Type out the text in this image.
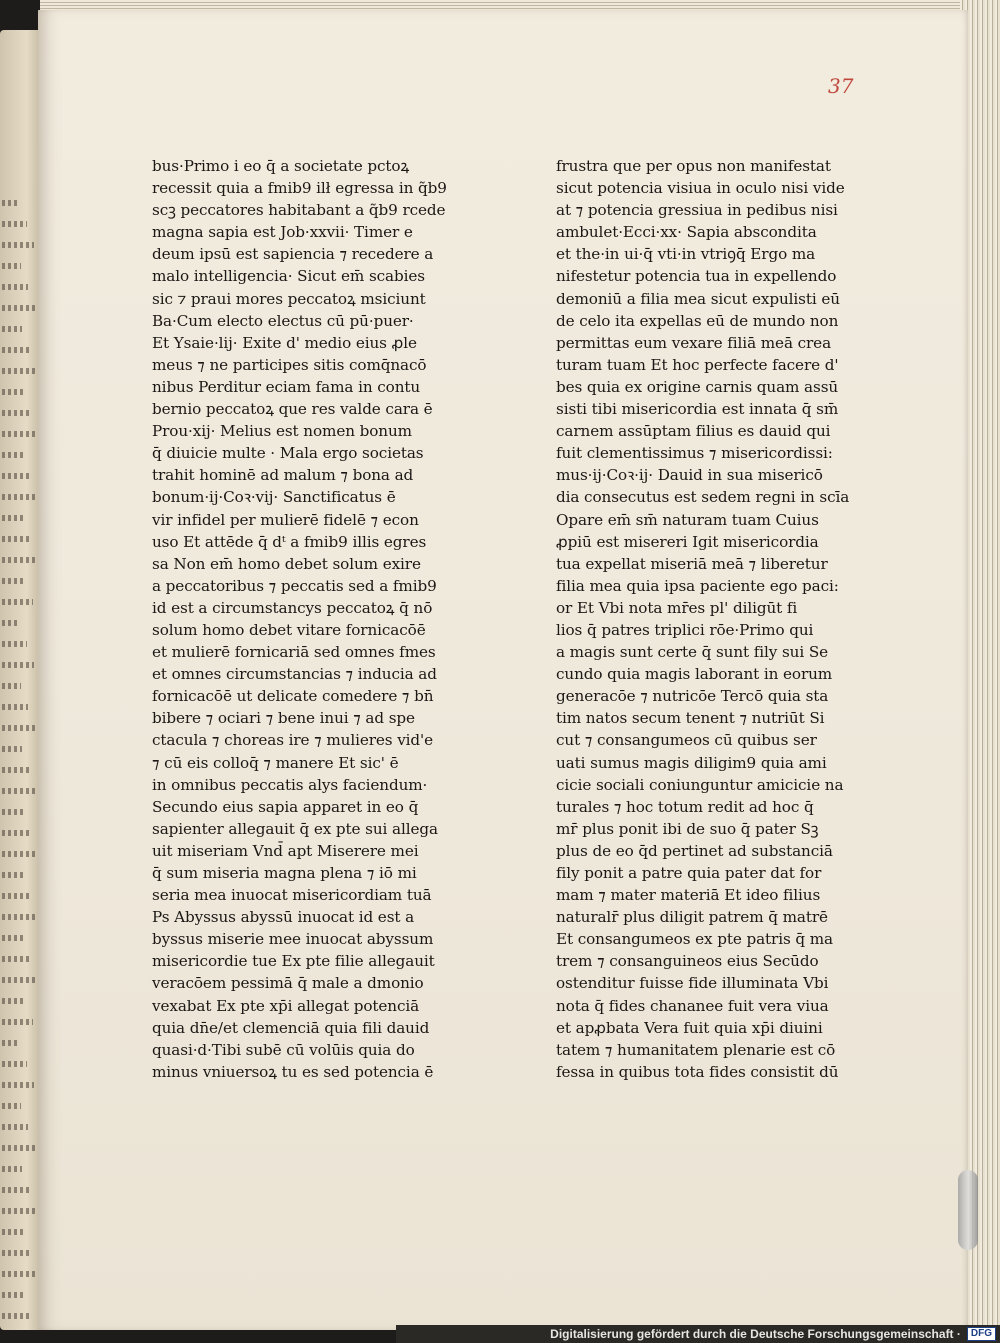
37
bus·Primo i eo q̄ a societate pctoꝝ
recessit quia a fmib9 ilł egressa in q̃b9
scꝫ peccatores habitabant a q̃b9 rcede
magna sapia est Job·xxvii· Timer e
deum ipsū est sapiencia ⁊ recedere a
malo intelligencia· Sicut em̄ scabies
sic ⁊ praui mores peccatoꝝ msiciunt
Ba·Cum electo electus cū pū·puer·
Et Ysaie·lij· Exite d' medio eius ꝓle
meus ⁊ ne participes sitis comq̄nacō
nibus Perditur eciam fama in contu
bernio peccatoꝝ que res valde cara ē
Prou·xij· Melius est nomen bonum
q̄ diuicie multe · Mala ergo societas
trahit hominē ad malum ⁊ bona ad
bonum·ij·Coꝛ·vij· Sanctificatus ē
vir infidel per mulierē fidelē ⁊ econ
uso Et attēde q̄ dᵗ a fmib9 illis egres
sa Non em̄ homo debet solum exire
a peccatoribus ⁊ peccatis sed a fmib9
id est a circumstancys peccatoꝝ q̄ nō
solum homo debet vitare fornicacōē
et mulierē fornicariā sed omnes fmes
et omnes circumstancias ⁊ inducia ad
fornicacōē ut delicate comedere ⁊ bn̄
bibere ⁊ ociari ⁊ bene inui ⁊ ad spe
ctacula ⁊ choreas ire ⁊ mulieres vid'e
⁊ cū eis colloq̄ ⁊ manere Et sic' ē
in omnibus peccatis alys faciendum·
Secundo eius sapia apparet in eo q̄
sapienter allegauit q̄ ex pte sui allega
uit miseriam Vnd̄ apt Miserere mei
q̄ sum miseria magna plena ⁊ iō mi
seria mea inuocat misericordiam tuā
Ps Abyssus abyssū inuocat id est a
byssus miserie mee inuocat abyssum
misericordie tue Ex pte filie allegauit
veracōem pessimā q̄ male a dmonio
vexabat Ex pte xp̄i allegat potenciā
quia dn̄e/et clemenciā quia fili dauid
quasi·d·Tibi subē cū volūis quia do
minus vniuersoꝝ tu es sed potencia ē
frustra que per opus non manifestat
sicut potencia visiua in oculo nisi vide
at ⁊ potencia gressiua in pedibus nisi
ambulet·Ecci·xx· Sapia abscondita
et the·in ui·q̄ vti·in vtriꝯq̄ Ergo ma
nifestetur potencia tua in expellendo
demoniū a filia mea sicut expulisti eū
de celo ita expellas eū de mundo non
permittas eum vexare filiā meā crea
turam tuam Et hoc perfecte facere d'
bes quia ex origine carnis quam assū
sisti tibi misericordia est innata q̄ sm̄
carnem assūptam filius es dauid qui
fuit clementissimus ⁊ misericordissi:
mus·ij·Coꝛ·ij· Dauid in sua misericō
dia consecutus est sedem regni in scīa
Opare em̄ sm̄ naturam tuam Cuius
ꝓpiū est misereri Igit misericordia
tua expellat miseriā meā ⁊ liberetur
filia mea quia ipsa paciente ego paci:
or Et Vbi nota mr̄es pl' diligūt fi
lios q̄ patres triplici rōe·Primo qui
a magis sunt certe q̄ sunt fily sui Se
cundo quia magis laborant in eorum
generacōe ⁊ nutricōe Tercō quia sta
tim natos secum tenent ⁊ nutriūt Si
cut ⁊ consangumeos cū quibus ser
uati sumus magis diligim9 quia ami
cicie sociali coniunguntur amicicie na
turales ⁊ hoc totum redit ad hoc q̄
mr̄ plus ponit ibi de suo q̄ pater Sꝫ
plus de eo q̄d pertinet ad substanciā
fily ponit a patre quia pater dat for
mam ⁊ mater materiā Et ideo filius
naturalr̄ plus diligit patrem q̄ matrē
Et consangumeos ex pte patris q̄ ma
trem ⁊ consanguineos eius Secūdo
ostenditur fuisse fide illuminata Vbi
nota q̄ fides chananee fuit vera viua
et apꝓbata Vera fuit quia xp̄i diuini
tatem ⁊ humanitatem plenarie est cō
fessa in quibus tota fides consistit dū
Digitalisierung gefördert durch die Deutsche Forschungsgemeinschaft ·	DFG
